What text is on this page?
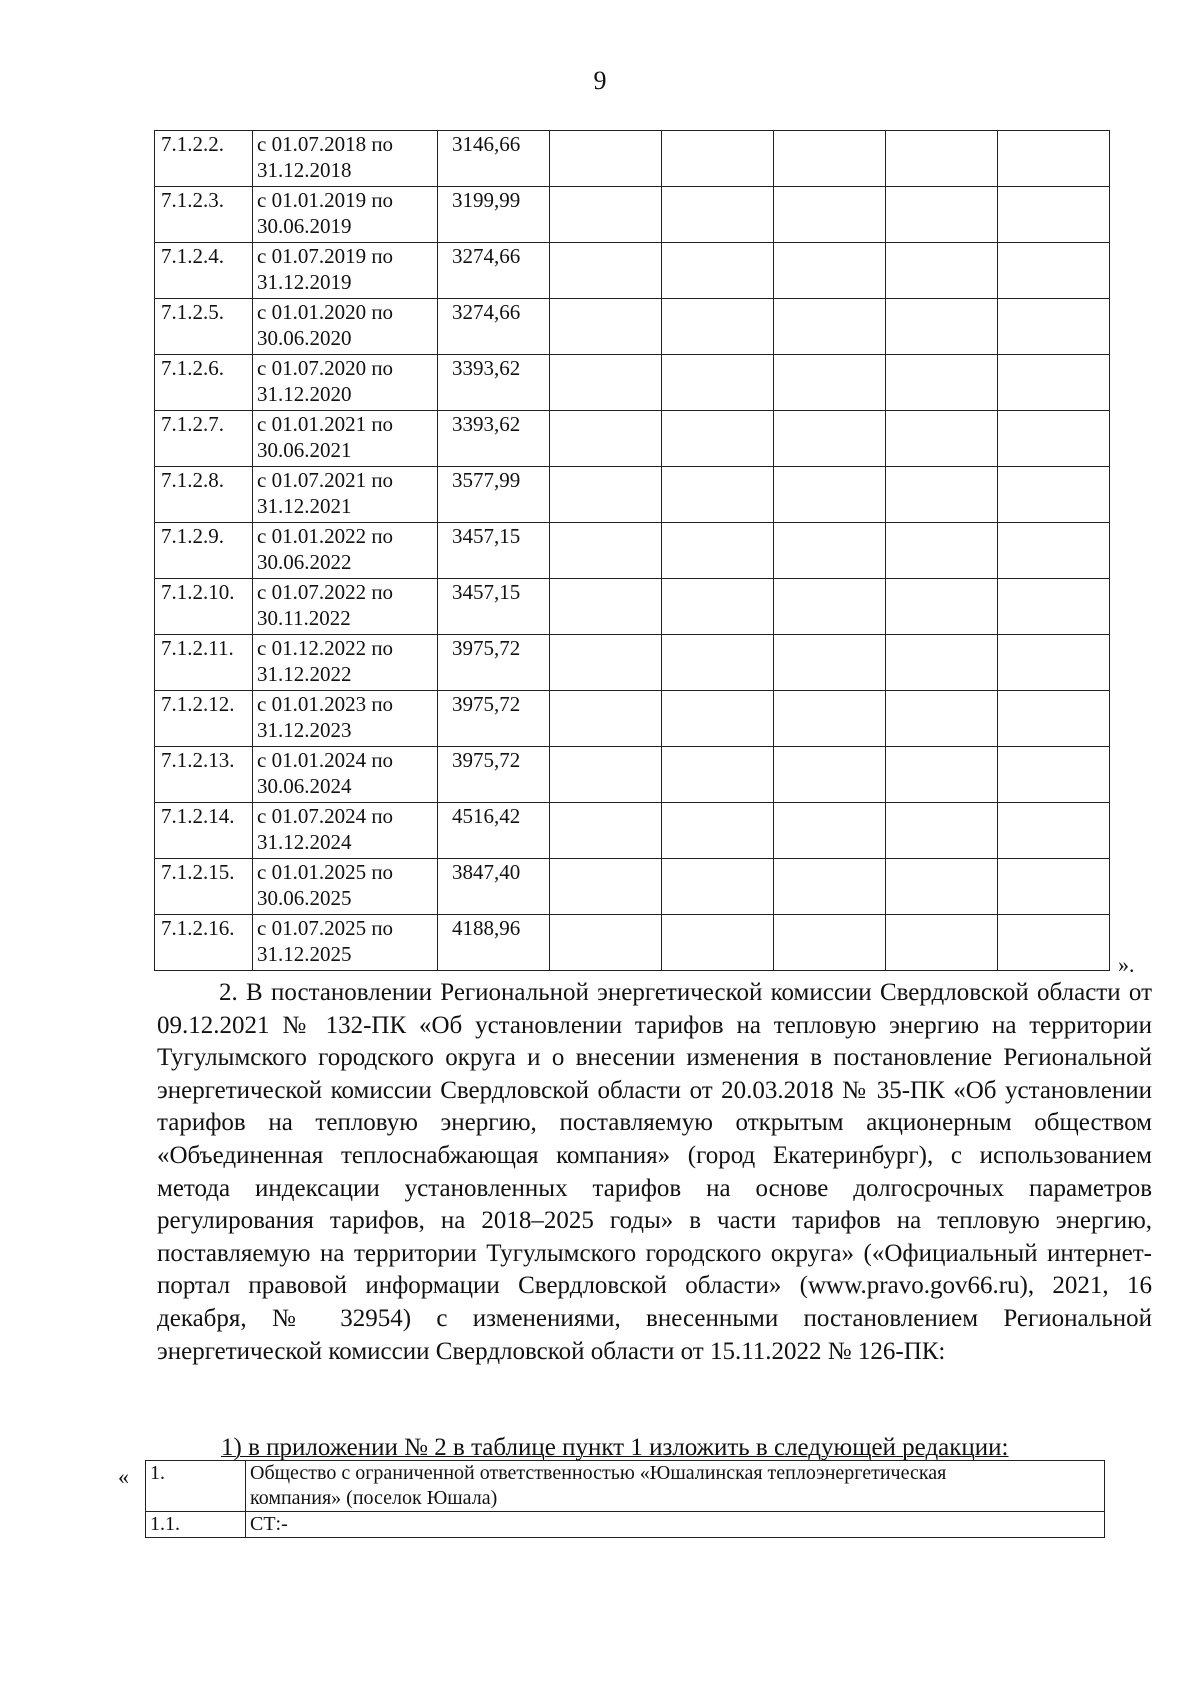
9
7.1.2.2.	с 01.07.2018 по
31.12.2018	3146,66					
7.1.2.3.	с 01.01.2019 по
30.06.2019	3199,99					
7.1.2.4.	с 01.07.2019 по
31.12.2019	3274,66					
7.1.2.5.	с 01.01.2020 по
30.06.2020	3274,66					
7.1.2.6.	с 01.07.2020 по
31.12.2020	3393,62					
7.1.2.7.	с 01.01.2021 по
30.06.2021	3393,62					
7.1.2.8.	с 01.07.2021 по
31.12.2021	3577,99					
7.1.2.9.	с 01.01.2022 по
30.06.2022	3457,15					
7.1.2.10.	с 01.07.2022 по
30.11.2022	3457,15					
7.1.2.11.	с 01.12.2022 по
31.12.2022	3975,72					
7.1.2.12.	с 01.01.2023 по
31.12.2023	3975,72					
7.1.2.13.	с 01.01.2024 по
30.06.2024	3975,72					
7.1.2.14.	с 01.07.2024 по
31.12.2024	4516,42					
7.1.2.15.	с 01.01.2025 по
30.06.2025	3847,40					
7.1.2.16.	с 01.07.2025 по
31.12.2025	4188,96					
».
2. В постановлении Региональной энергетической комиссии Свердловской области от 09.12.2021 № 132-ПК «Об установлении тарифов на тепловую энергию на территории Тугулымского городского округа и о внесении изменения в постановление Региональной энергетической комиссии Свердловской области от 20.03.2018 № 35-ПК «Об установлении тарифов на тепловую энергию, поставляемую открытым акционерным обществом «Объединенная теплоснабжающая компания» (город Екатеринбург), с использованием метода индексации установленных тарифов на основе долгосрочных параметров регулирования тарифов, на 2018–2025 годы» в части тарифов на тепловую энергию, поставляемую на территории Тугулымского городского округа» («Официальный интернет-портал правовой информации Свердловской области» (www.pravo.gov66.ru), 2021, 16 декабря, № 32954) с изменениями, внесенными постановлением Региональной энергетической комиссии Свердловской области от 15.11.2022 № 126-ПК:
1) в приложении № 2 в таблице пункт 1 изложить в следующей редакции:
« 1.	Общество с ограниченной ответственностью «Юшалинская теплоэнергетическая
компания» (поселок Юшала)
1.1.	СТ:-
